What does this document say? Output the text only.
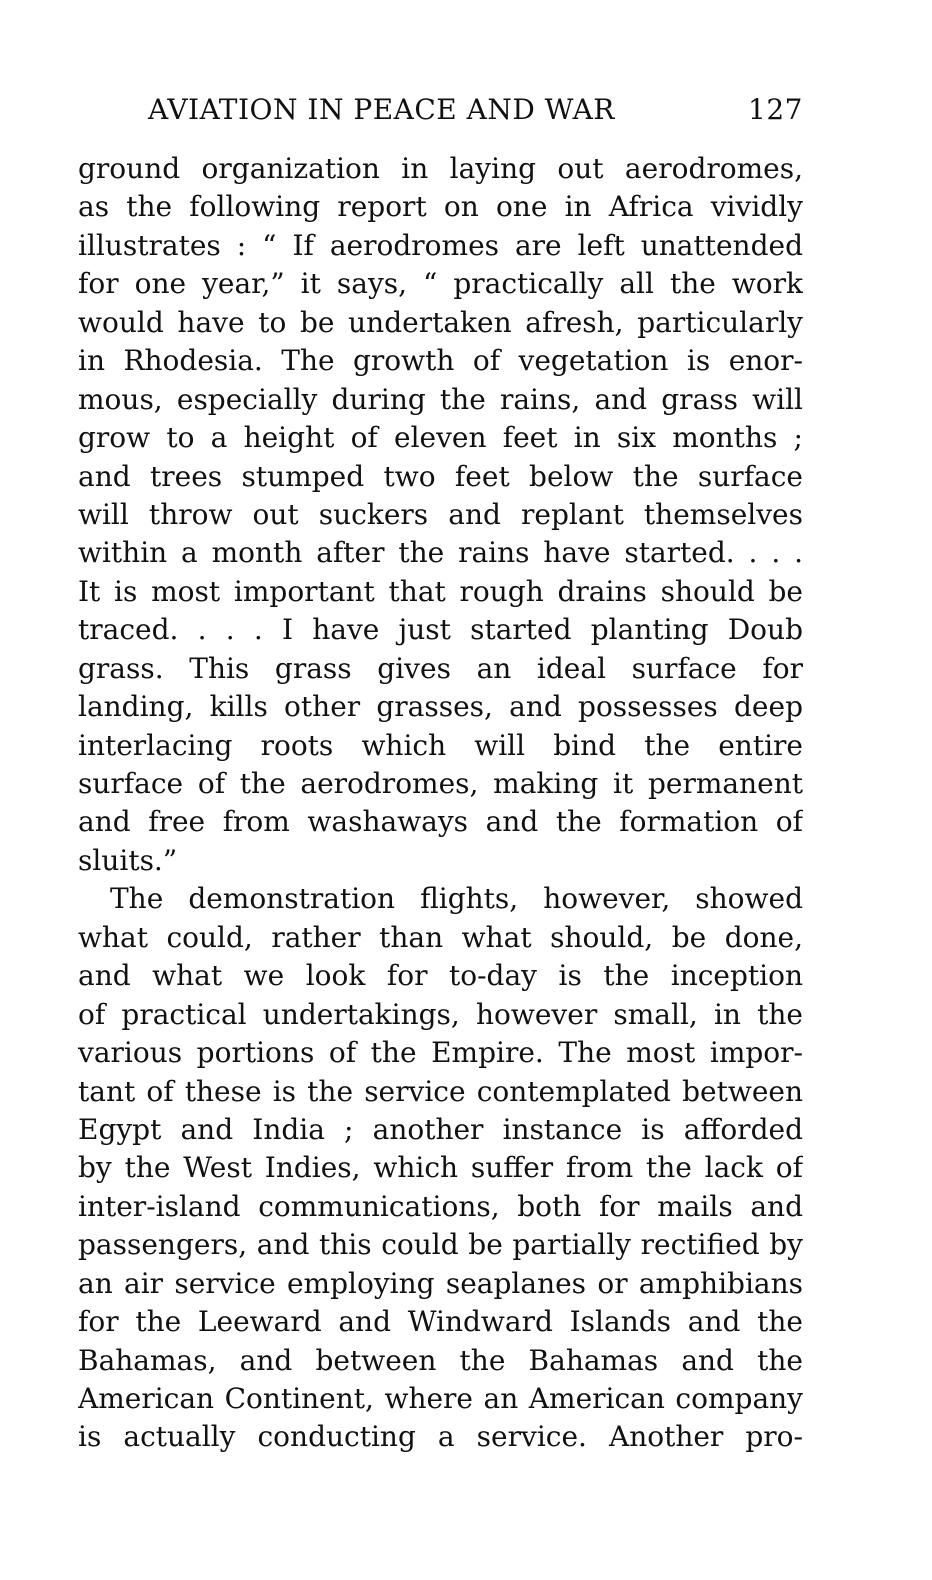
AVIATION IN PEACE AND WAR	127
ground organization in laying out aerodromes,
as the following report on one in Africa vividly
illustrates : “ If aerodromes are left unattended
for one year,” it says, “ practically all the work
would have to be undertaken afresh, particularly
in Rhodesia. The growth of vegetation is enor-
mous, especially during the rains, and grass will
grow to a height of eleven feet in six months ;
and trees stumped two feet below the surface
will throw out suckers and replant themselves
within a month after the rains have started. . . .
It is most important that rough drains should be
traced. . . . I have just started planting Doub
grass. This grass gives an ideal surface for
landing, kills other grasses, and possesses deep
interlacing roots which will bind the entire
surface of the aerodromes, making it permanent
and free from washaways and the formation of
sluits.”
The demonstration flights, however, showed
what could, rather than what should, be done,
and what we look for to-day is the inception
of practical undertakings, however small, in the
various portions of the Empire. The most impor-
tant of these is the service contemplated between
Egypt and India ; another instance is afforded
by the West Indies, which suffer from the lack of
inter-island communications, both for mails and
passengers, and this could be partially rectified by
an air service employing seaplanes or amphibians
for the Leeward and Windward Islands and the
Bahamas, and between the Bahamas and the
American Continent, where an American company
is actually conducting a service. Another pro-
